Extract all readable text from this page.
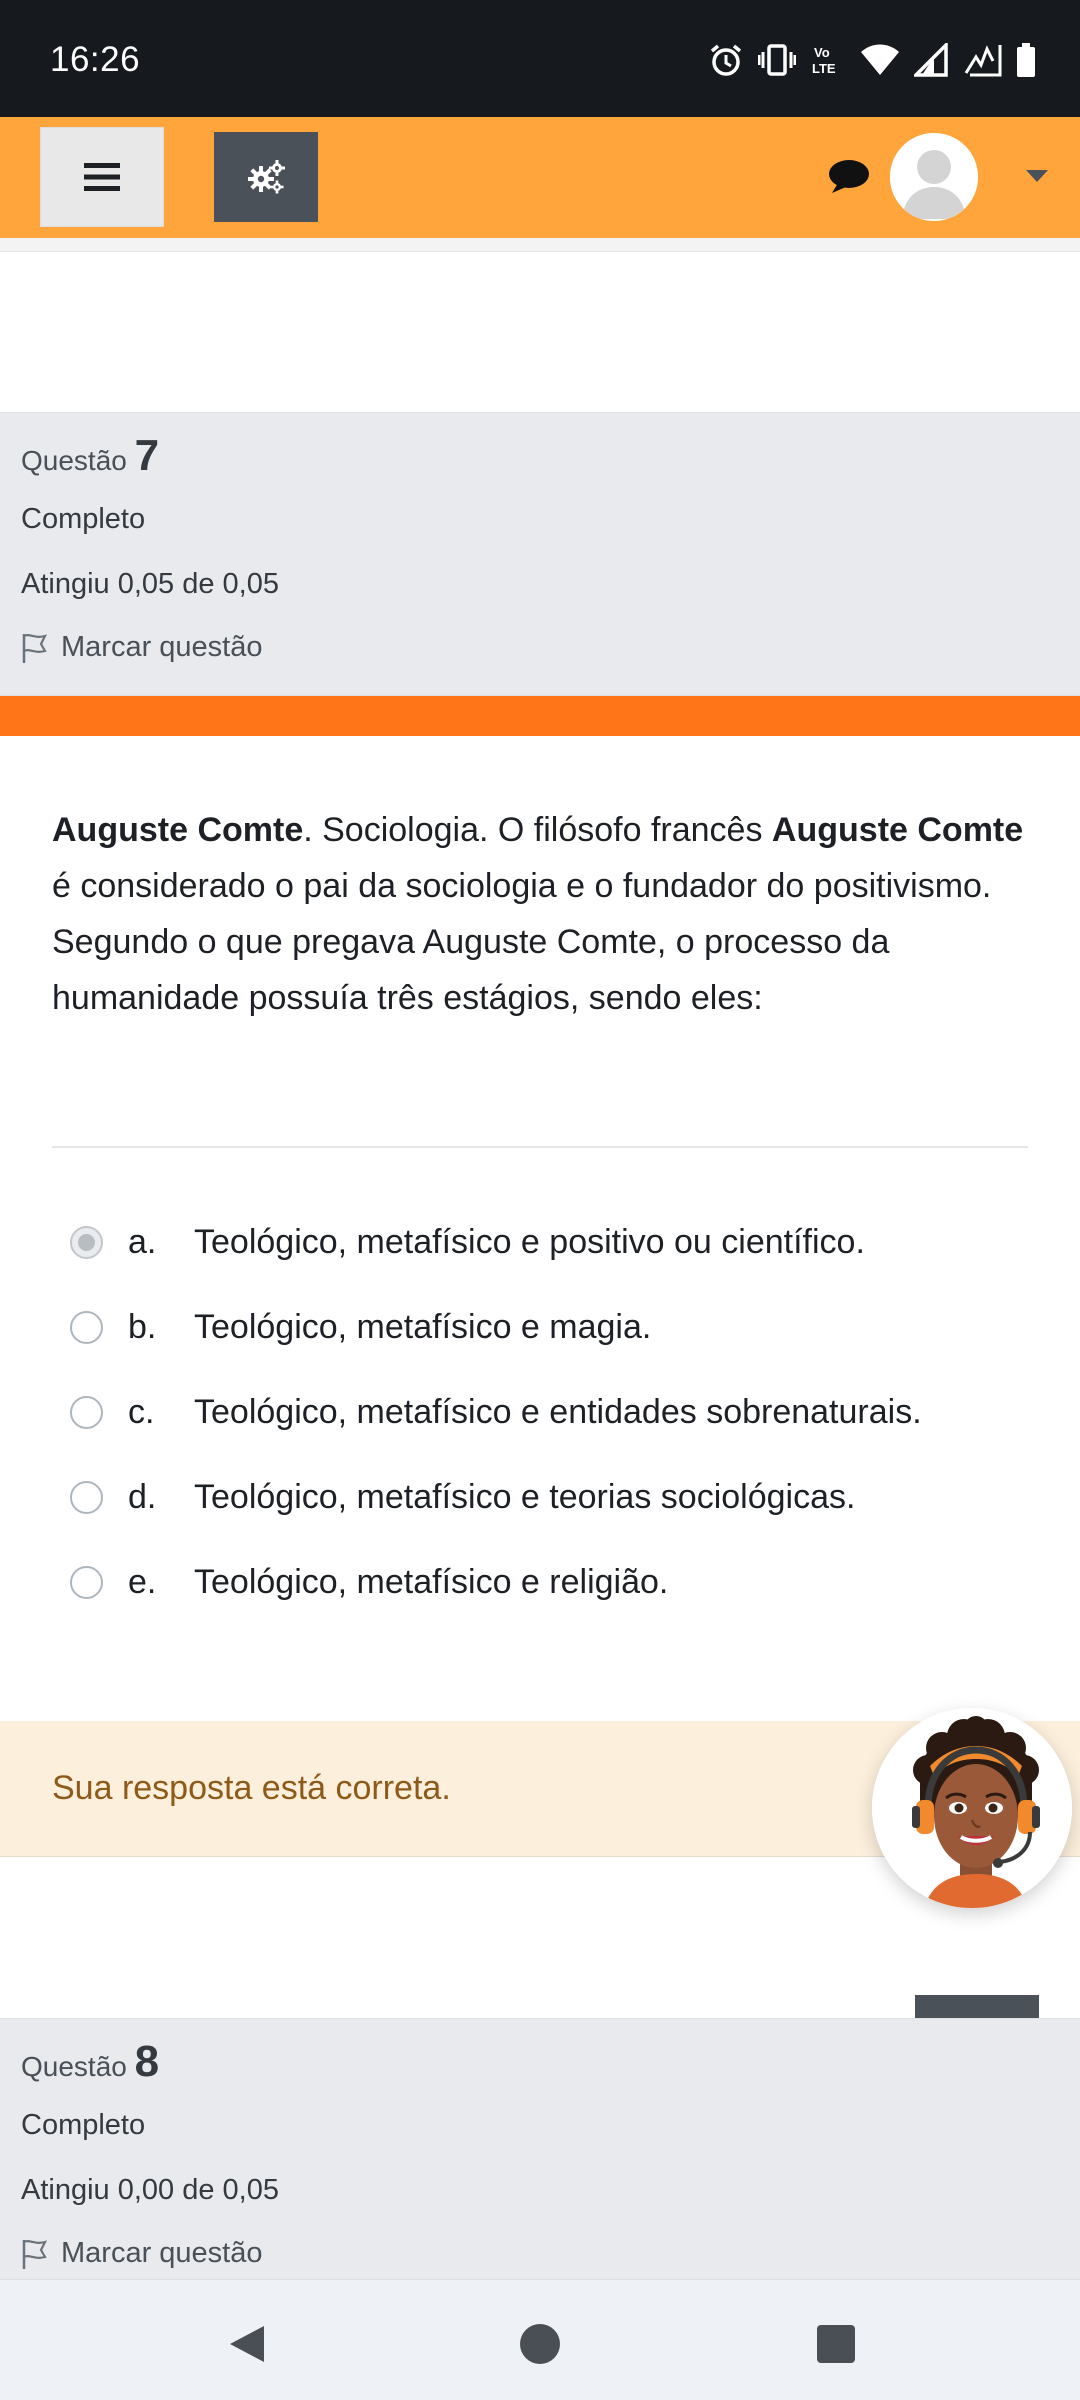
16:26	Vo
LTE
Questão 7
Completo
Atingiu 0,05 de 0,05
Marcar questão
Auguste Comte. Sociologia. O filósofo francês Auguste Comte é considerado o pai da sociologia e o fundador do positivismo. Segundo o que pregava Auguste Comte, o processo da humanidade possuía três estágios, sendo eles:
a. Teológico, metafísico e positivo ou científico.
b. Teológico, metafísico e magia.
c. Teológico, metafísico e entidades sobrenaturais.
d. Teológico, metafísico e teorias sociológicas.
e. Teológico, metafísico e religião.
Sua resposta está correta.
Questão 8
Completo
Atingiu 0,00 de 0,05
Marcar questão
